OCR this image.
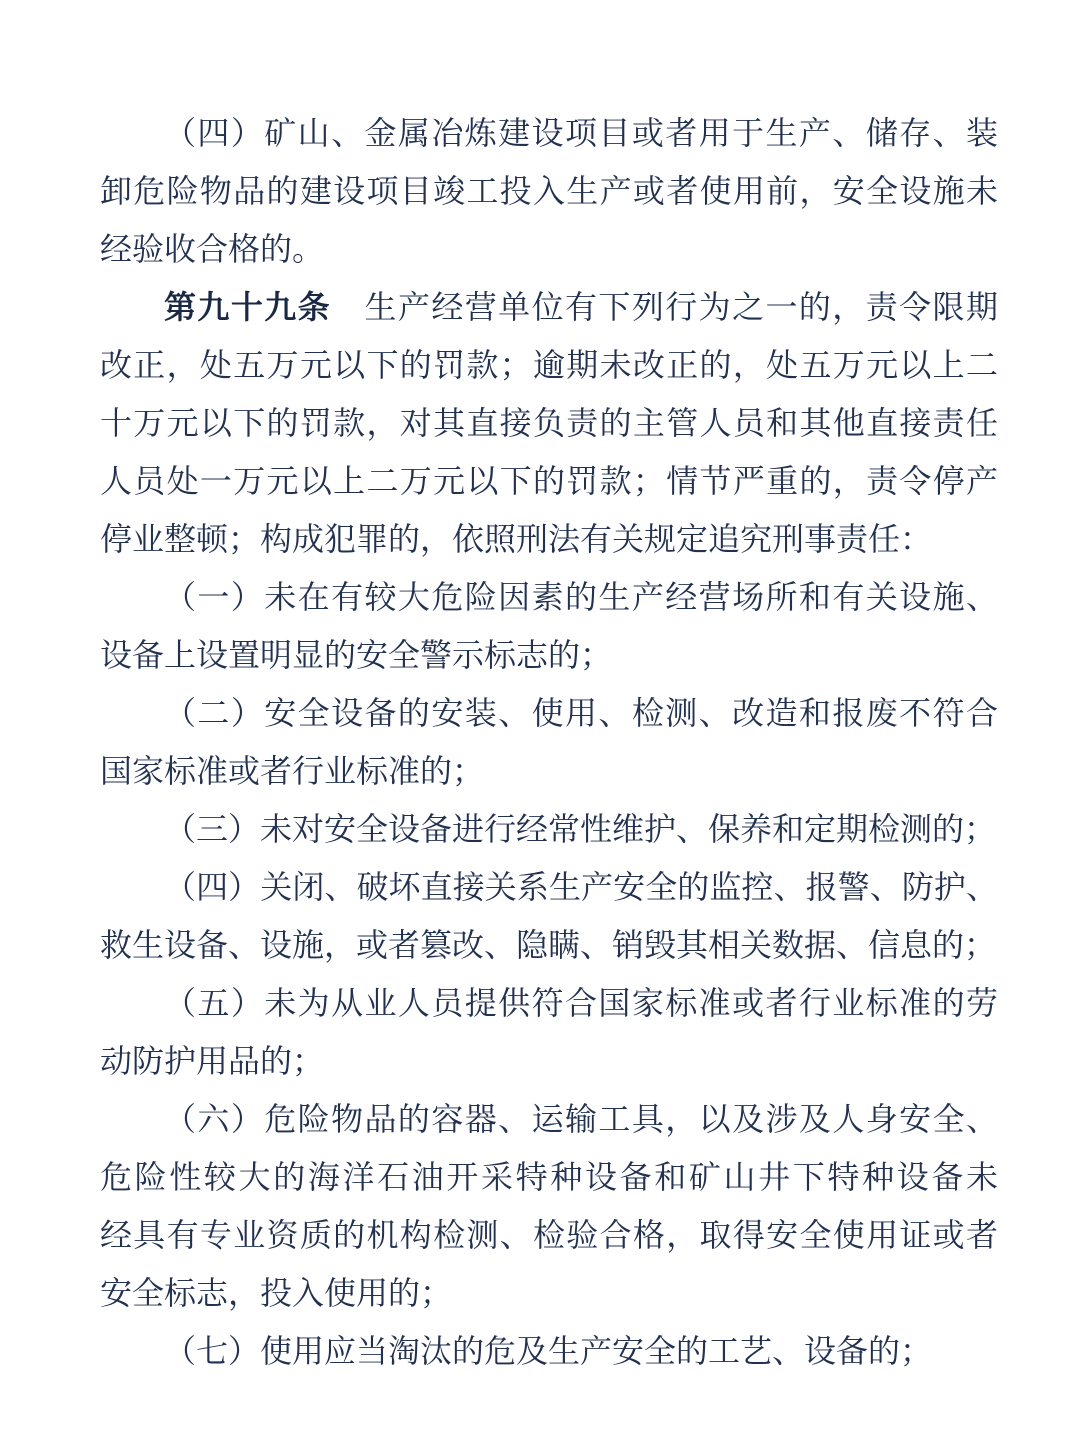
（四）矿山、金属冶炼建设项目或者用于生产、储存、装
卸危险物品的建设项目竣工投入生产或者使用前，安全设施未
经验收合格的。
第九十九条　生产经营单位有下列行为之一的，责令限期
改正，处五万元以下的罚款；逾期未改正的，处五万元以上二
十万元以下的罚款，对其直接负责的主管人员和其他直接责任
人员处一万元以上二万元以下的罚款；情节严重的，责令停产
停业整顿；构成犯罪的，依照刑法有关规定追究刑事责任：
（一）未在有较大危险因素的生产经营场所和有关设施、
设备上设置明显的安全警示标志的；
（二）安全设备的安装、使用、检测、改造和报废不符合
国家标准或者行业标准的；
（三）未对安全设备进行经常性维护、保养和定期检测的；
（四）关闭、破坏直接关系生产安全的监控、报警、防护、
救生设备、设施，或者篡改、隐瞒、销毁其相关数据、信息的；
（五）未为从业人员提供符合国家标准或者行业标准的劳
动防护用品的；
（六）危险物品的容器、运输工具，以及涉及人身安全、
危险性较大的海洋石油开采特种设备和矿山井下特种设备未
经具有专业资质的机构检测、检验合格，取得安全使用证或者
安全标志，投入使用的；
（七）使用应当淘汰的危及生产安全的工艺、设备的；
